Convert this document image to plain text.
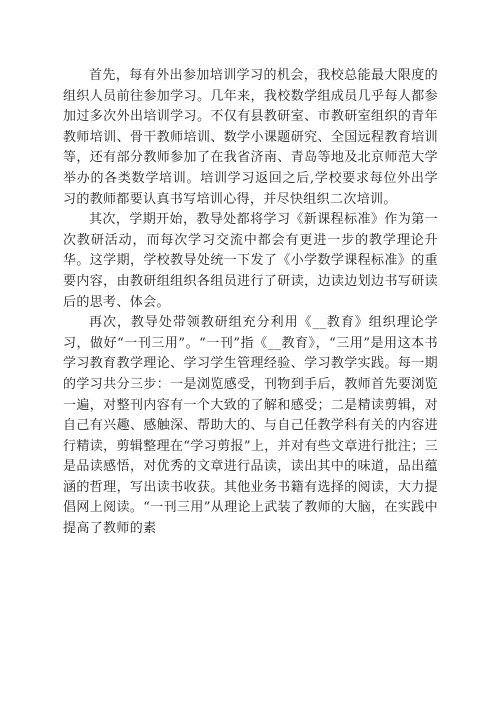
首先，每有外出参加培训学习的机会，我校总能最大限度的组织人员前往参加学习。几年来，我校数学组成员几乎每人都参加过多次外出培训学习。不仅有县教研室、市教研室组织的青年教师培训、骨干教师培训、数学小课题研究、全国远程教育培训等，还有部分教师参加了在我省济南、青岛等地及北京师范大学举办的各类数学培训。培训学习返回之后,学校要求每位外出学习的教师都要认真书写培训心得，并尽快组织二次培训。

其次，学期开始，教导处都将学习《新课程标准》作为第一次教研活动，而每次学习交流中都会有更进一步的教学理论升华。这学期，学校教导处统一下发了《小学数学课程标准》的重要内容，由教研组组织各组员进行了研读，边读边划边书写研读后的思考、体会。

再次，教导处带领教研组充分利用《__教育》组织理论学习，做好“一刊三用”。“一刊”指《__教育》，“三用”是用这本书学习教育教学理论、学习学生管理经验、学习教学实践。每一期的学习共分三步：一是浏览感受，刊物到手后，教师首先要浏览一遍，对整刊内容有一个大致的了解和感受；二是精读剪辑，对自己有兴趣、感触深、帮助大的、与自己任教学科有关的内容进行精读，剪辑整理在“学习剪报”上，并对有些文章进行批注；三是品读感悟，对优秀的文章进行品读，读出其中的味道，品出蕴涵的哲理，写出读书收获。其他业务书籍有选择的阅读，大力提倡网上阅读。“一刊三用”从理论上武装了教师的大脑，在实践中提高了教师的素
